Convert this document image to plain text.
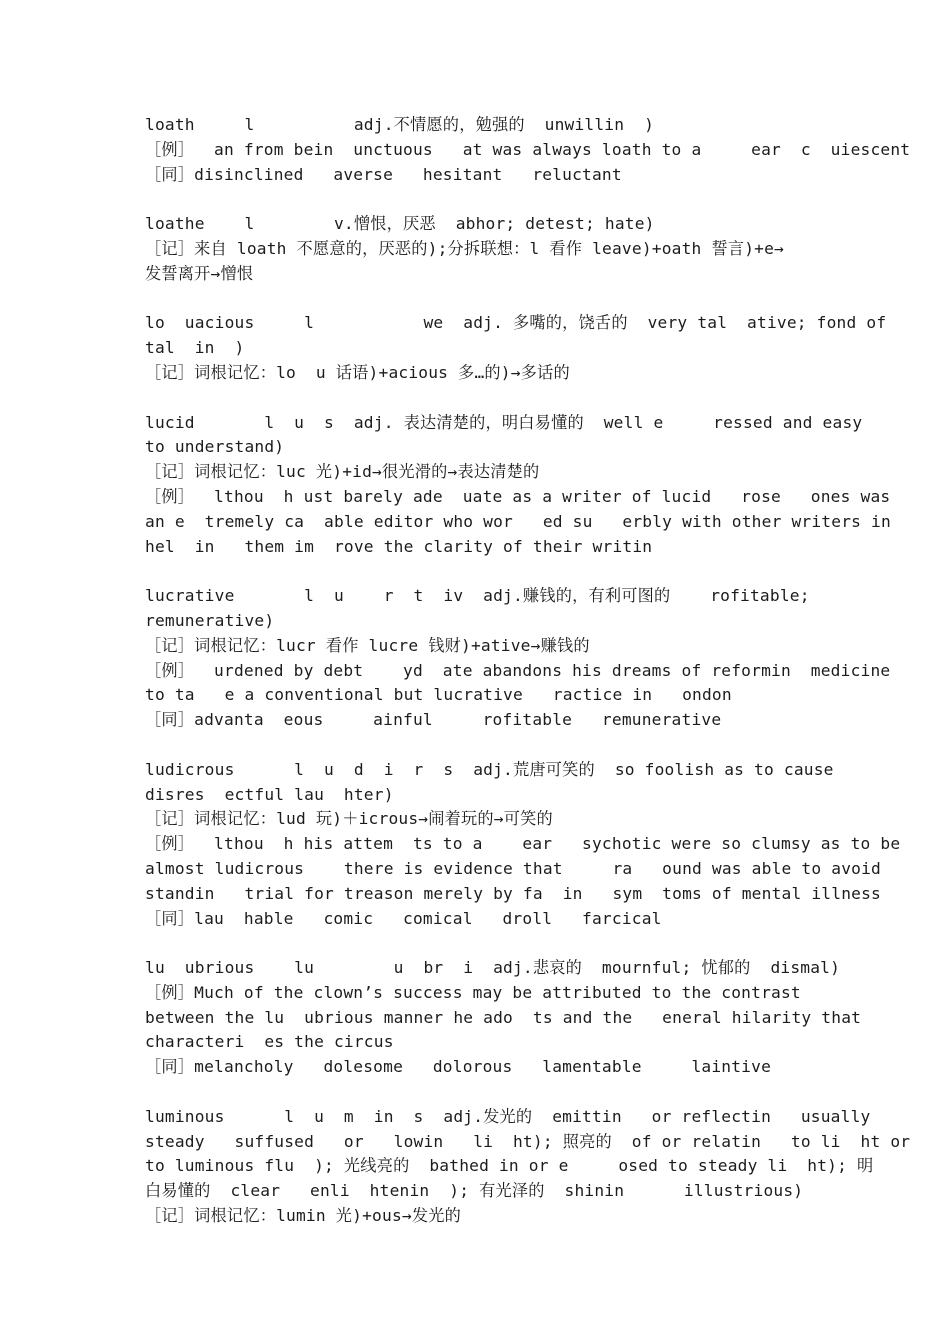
loath     l          adj.不情愿的，勉强的  unwillin  )
［例］  an from bein  unctuous   at was always loath to a     ear  c  uiescent
［同］disinclined   averse   hesitant   reluctant
loathe    l        v.憎恨，厌恶  abhor; detest; hate)
［记］来自 loath 不愿意的，厌恶的);分拆联想：l 看作 leave)+oath 誓言)+e→
发誓离开→憎恨
lo  uacious     l           we  adj. 多嘴的，饶舌的  very tal  ative; fond of
tal  in  )
［记］词根记忆：lo  u 话语)+acious 多…的)→多话的
lucid       l  u  s  adj. 表达清楚的，明白易懂的  well e     ressed and easy
to understand)
［记］词根记忆：luc 光)+id→很光滑的→表达清楚的
［例］  lthou  h ust barely ade  uate as a writer of lucid   rose   ones was
an e  tremely ca  able editor who wor   ed su   erbly with other writers in
hel  in   them im  rove the clarity of their writin
lucrative       l  u    r  t  iv  adj.赚钱的，有利可图的    rofitable;
remunerative)
［记］词根记忆：lucr 看作 lucre 钱财)+ative→赚钱的
［例］  urdened by debt    yd  ate abandons his dreams of reformin  medicine
to ta   e a conventional but lucrative   ractice in   ondon
［同］advanta  eous     ainful     rofitable   remunerative
ludicrous      l  u  d  i  r  s  adj.荒唐可笑的  so foolish as to cause
disres  ectful lau  hter)
［记］词根记忆：lud 玩)＋icrous→闹着玩的→可笑的
［例］  lthou  h his attem  ts to a    ear   sychotic were so clumsy as to be
almost ludicrous    there is evidence that     ra   ound was able to avoid
standin   trial for treason merely by fa  in   sym  toms of mental illness
［同］lau  hable   comic   comical   droll   farcical
lu  ubrious    lu        u  br  i  adj.悲哀的  mournful; 忧郁的  dismal)
［例］Much of the clown’s success may be attributed to the contrast
between the lu  ubrious manner he ado  ts and the   eneral hilarity that
characteri  es the circus
［同］melancholy   dolesome   dolorous   lamentable     laintive
luminous      l  u  m  in  s  adj.发光的  emittin   or reflectin   usually
steady   suffused   or   lowin   li  ht); 照亮的  of or relatin   to li  ht or
to luminous flu  ); 光线亮的  bathed in or e     osed to steady li  ht); 明
白易懂的  clear   enli  htenin  ); 有光泽的  shinin      illustrious)
［记］词根记忆：lumin 光)+ous→发光的
